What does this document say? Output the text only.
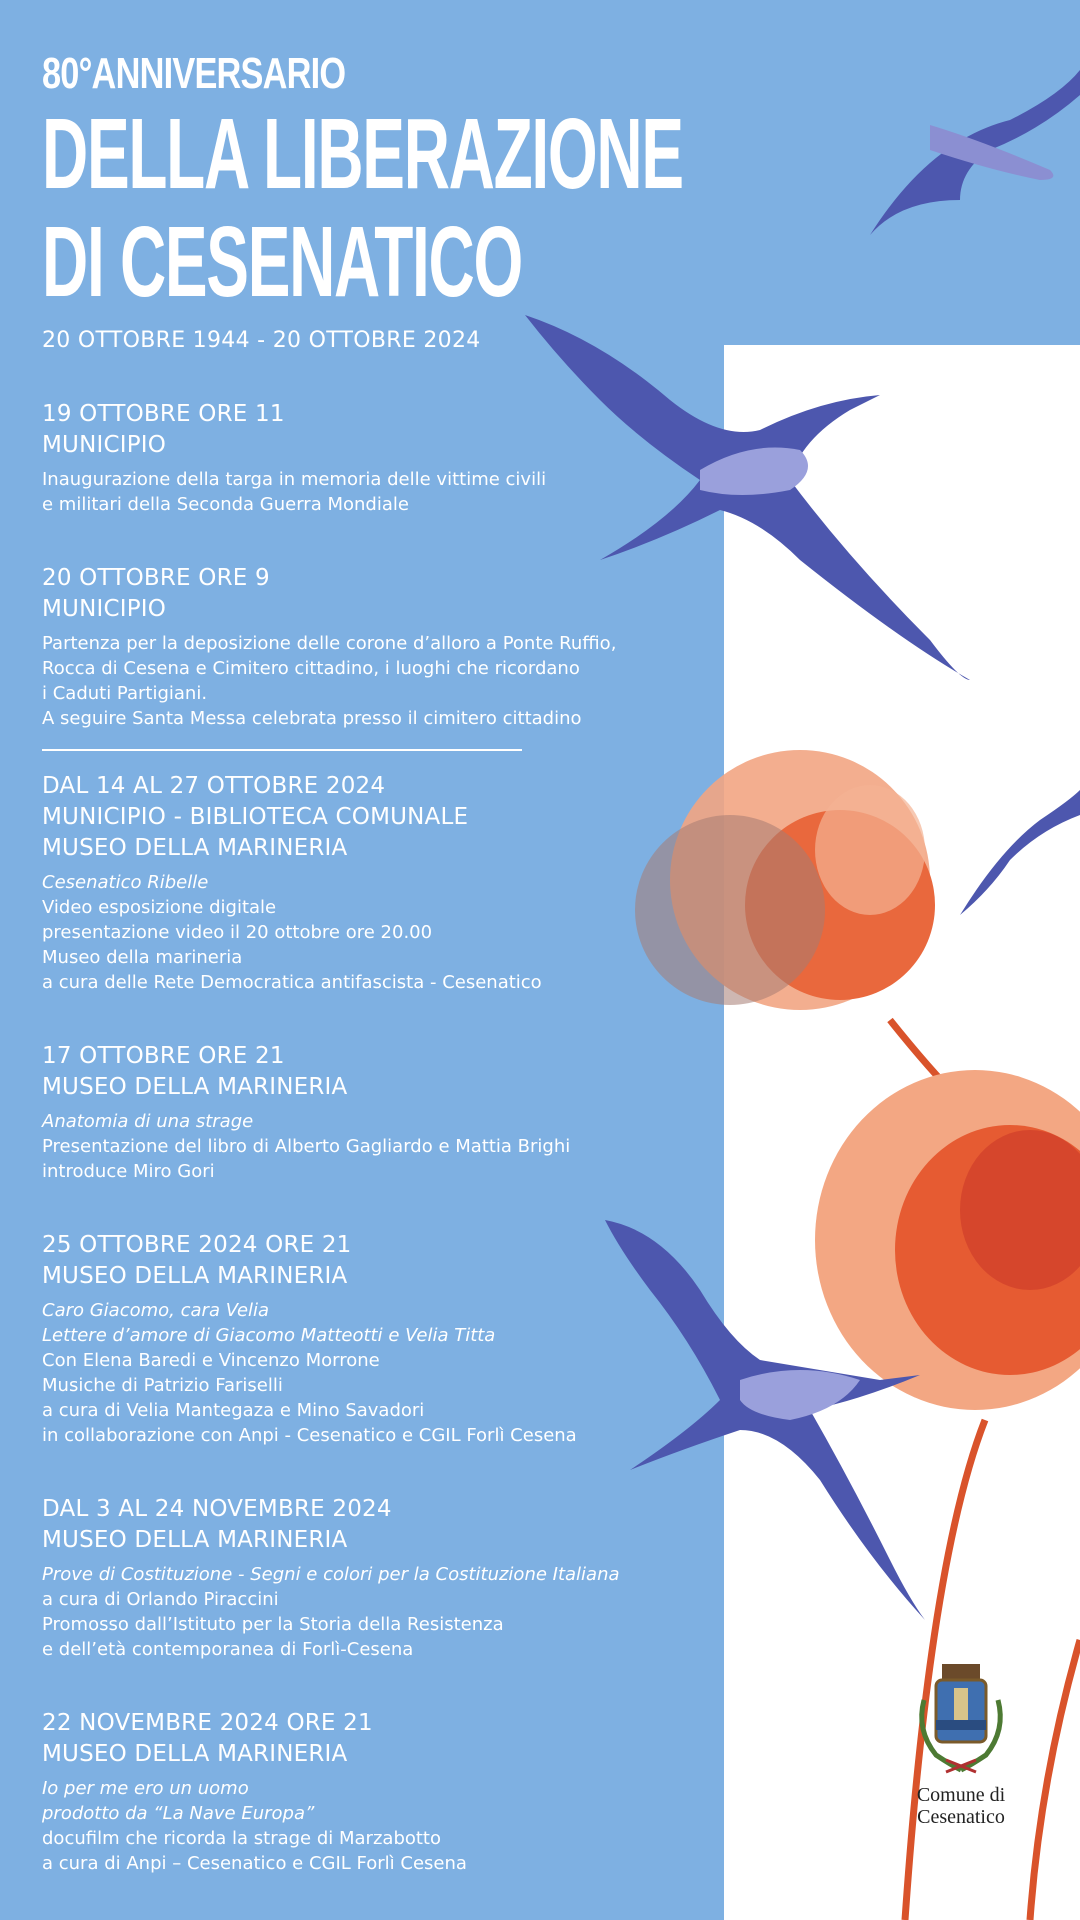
80°ANNIVERSARIO
DELLA LIBERAZIONE
DI CESENATICO
20 OTTOBRE 1944 - 20 OTTOBRE 2024
19 OTTOBRE ORE 11
MUNICIPIO

Inaugurazione della targa in memoria delle vittime civili
e militari della Seconda Guerra Mondiale

20 OTTOBRE ORE 9
MUNICIPIO

Partenza per la deposizione delle corone d’alloro a Ponte Ruffio,
Rocca di Cesena e Cimitero cittadino, i luoghi che ricordano
i Caduti Partigiani.
A seguire Santa Messa celebrata presso il cimitero cittadino

DAL 14 AL 27 OTTOBRE 2024
MUNICIPIO - BIBLIOTECA COMUNALE
MUSEO DELLA MARINERIA

Cesenatico Ribelle
Video esposizione digitale
presentazione video il 20 ottobre ore 20.00
Museo della marineria
a cura delle Rete Democratica antifascista - Cesenatico

17 OTTOBRE ORE 21
MUSEO DELLA MARINERIA

Anatomia di una strage
Presentazione del libro di Alberto Gagliardo e Mattia Brighi
introduce Miro Gori

25 OTTOBRE 2024 ORE 21
MUSEO DELLA MARINERIA

Caro Giacomo, cara Velia
Lettere d’amore di Giacomo Matteotti e Velia Titta
Con Elena Baredi e Vincenzo Morrone
Musiche di Patrizio Fariselli
a cura di Velia Mantegaza e Mino Savadori
in collaborazione con Anpi - Cesenatico e CGIL Forlì Cesena

DAL 3 AL 24 NOVEMBRE 2024
MUSEO DELLA MARINERIA

Prove di Costituzione - Segni e colori per la Costituzione Italiana
a cura di Orlando Piraccini
Promosso dall’Istituto per la Storia della Resistenza
e dell’età contemporanea di Forlì-Cesena

22 NOVEMBRE 2024 ORE 21
MUSEO DELLA MARINERIA

Io per me ero un uomo
prodotto da “La Nave Europa”
docufilm che ricorda la strage di Marzabotto
a cura di Anpi – Cesenatico e CGIL Forlì Cesena

Comune di
Cesenatico
